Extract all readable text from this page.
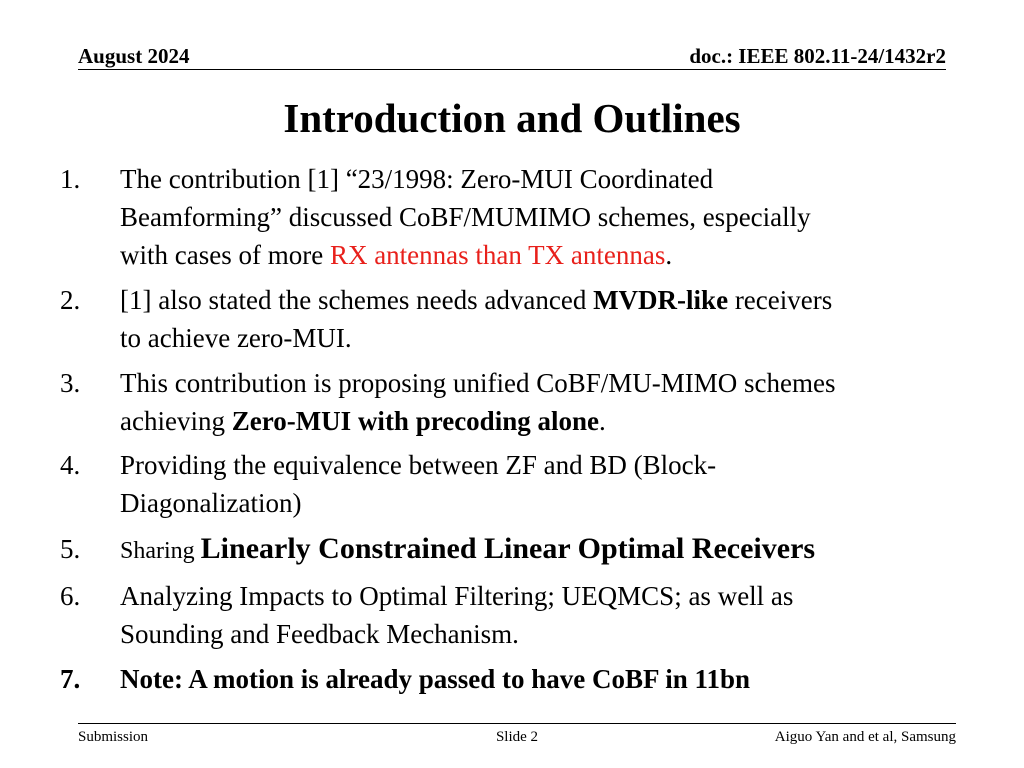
August 2024	doc.: IEEE 802.11-24/1432r2
Introduction and Outlines
1. The contribution [1] “23/1998: Zero-MUI Coordinated
Beamforming” discussed CoBF/MUMIMO schemes, especially
with cases of more RX antennas than TX antennas.
2. [1] also stated the schemes needs advanced MVDR-like receivers
to achieve zero-MUI.
3. This contribution is proposing unified CoBF/MU-MIMO schemes
achieving Zero-MUI with precoding alone.
4. Providing the equivalence between ZF and BD (Block-
Diagonalization)
5. Sharing Linearly Constrained Linear Optimal Receivers
6. Analyzing Impacts to Optimal Filtering; UEQMCS; as well as
Sounding and Feedback Mechanism.
7. Note: A motion is already passed to have CoBF in 11bn
Submission	Slide 2	Aiguo Yan and et al, Samsung
